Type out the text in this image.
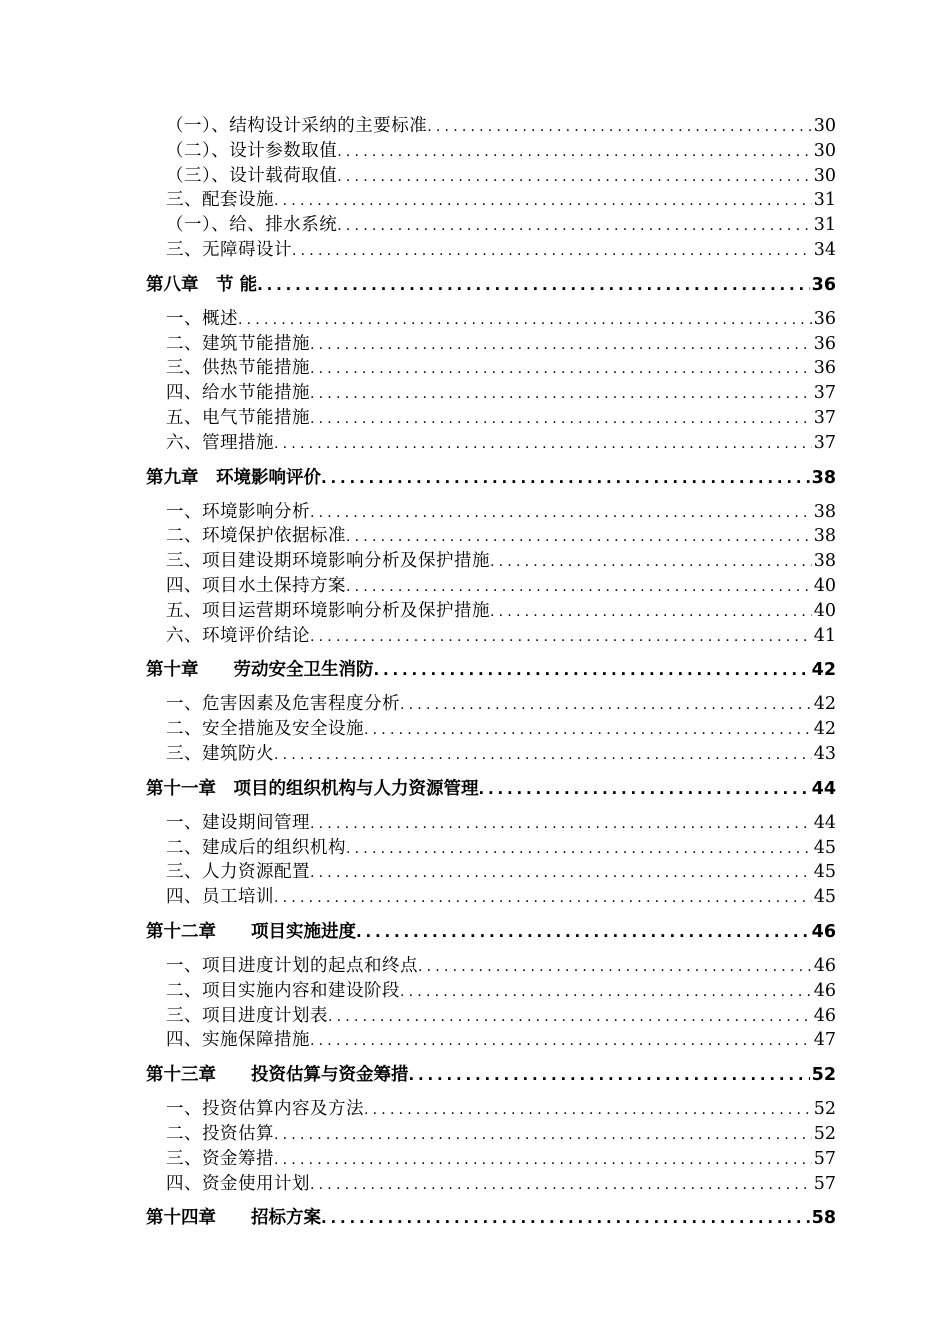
（一）、结构设计采纳的主要标准 .....	30
（二）、设计参数取值 .....	30
（三）、设计载荷取值 .....	30
三、配套设施 .....	31
（一）、给、排水系统 .....	31
三、无障碍设计 .....	34
第八章　节 能 .....	36
一、概述 .....	36
二、建筑节能措施 .....	36
三、供热节能措施 .....	36
四、给水节能措施 .....	37
五、电气节能措施 .....	37
六、管理措施 .....	37
第九章　环境影响评价 .....	38
一、环境影响分析 .....	38
二、环境保护依据标准 .....	38
三、项目建设期环境影响分析及保护措施 .....	38
四、项目水土保持方案 .....	40
五、项目运营期环境影响分析及保护措施 .....	40
六、环境评价结论 .....	41
第十章　　劳动安全卫生消防 .....	42
一、危害因素及危害程度分析 .....	42
二、安全措施及安全设施 .....	42
三、建筑防火 .....	43
第十一章　项目的组织机构与人力资源管理 .....	44
一、建设期间管理 .....	44
二、建成后的组织机构 .....	45
三、人力资源配置 .....	45
四、员工培训 .....	45
第十二章　　项目实施进度 .....	46
一、项目进度计划的起点和终点 .....	46
二、项目实施内容和建设阶段 .....	46
三、项目进度计划表 .....	46
四、实施保障措施 .....	47
第十三章　　投资估算与资金筹措 .....	52
一、投资估算内容及方法 .....	52
二、投资估算 .....	52
三、资金筹措 .....	57
四、资金使用计划 .....	57
第十四章　　招标方案 .....	58
